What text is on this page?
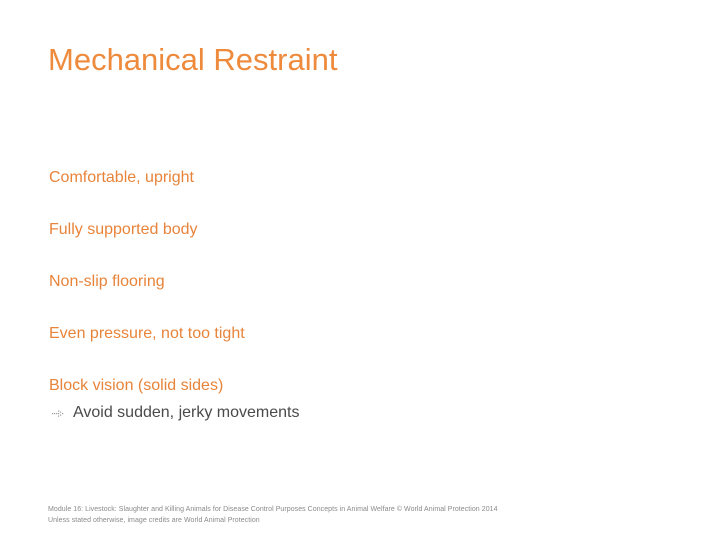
Mechanical Restraint
Comfortable, upright
Fully supported body
Non-slip flooring
Even pressure, not too tight
Block vision (solid sides)
Avoid sudden, jerky movements
Module 16: Livestock: Slaughter and Killing Animals for Disease Control Purposes Concepts in Animal Welfare © World Animal Protection 2014
Unless stated otherwise, image credits are World Animal Protection
